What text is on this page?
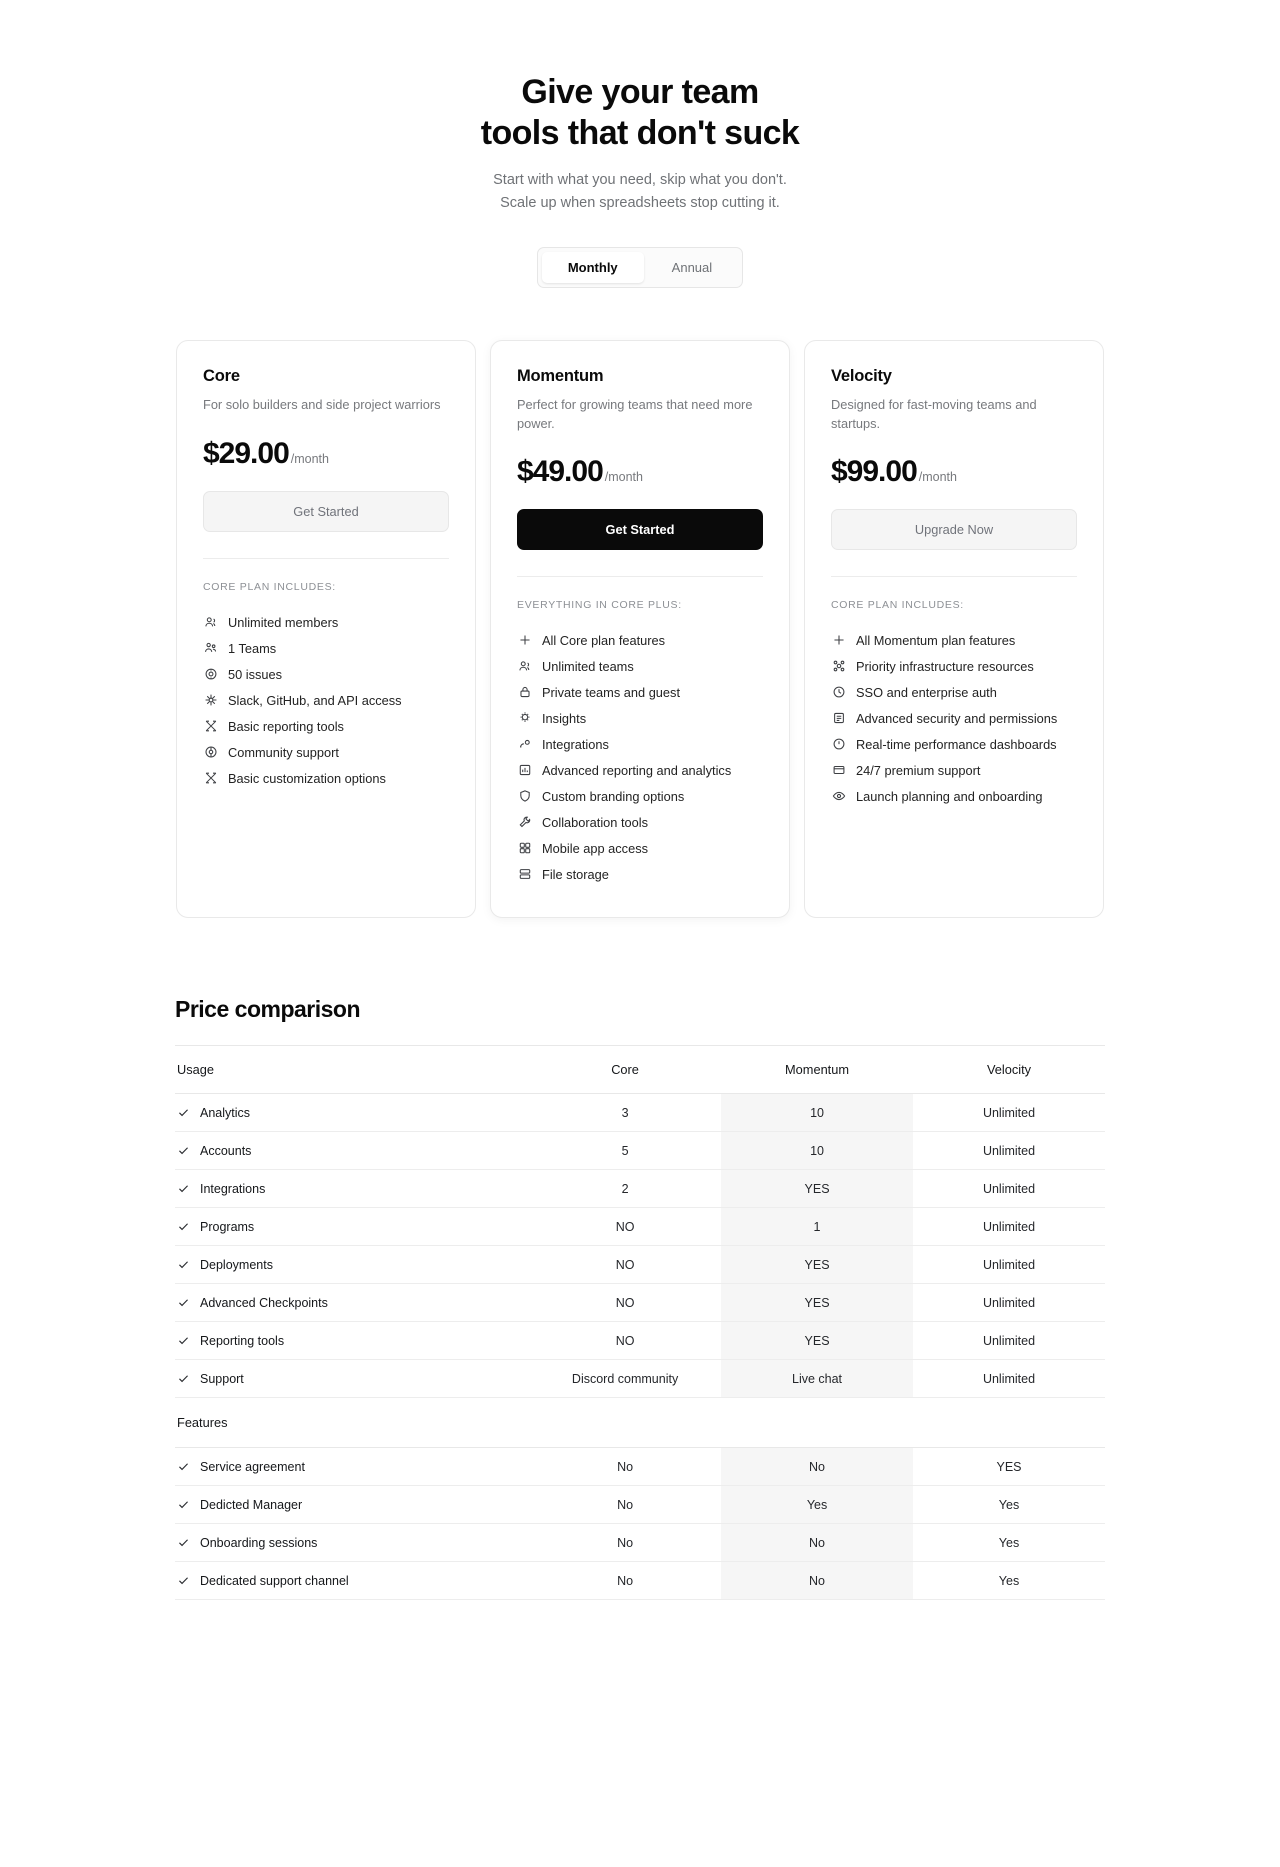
Give your team
tools that don't suck
Start with what you need, skip what you don't.
Scale up when spreadsheets stop cutting it.
Monthly	Annual
Core
For solo builders and side project warriors
$29.00 /month
Get Started
CORE PLAN INCLUDES:
Unlimited members
1 Teams
50 issues
Slack, GitHub, and API access
Basic reporting tools
Community support
Basic customization options
Momentum
Perfect for growing teams that need more power.
$49.00 /month
Get Started
EVERYTHING IN CORE PLUS:
All Core plan features
Unlimited teams
Private teams and guest
Insights
Integrations
Advanced reporting and analytics
Custom branding options
Collaboration tools
Mobile app access
File storage
Velocity
Designed for fast-moving teams and startups.
$99.00 /month
Upgrade Now
CORE PLAN INCLUDES:
All Momentum plan features
Priority infrastructure resources
SSO and enterprise auth
Advanced security and permissions
Real-time performance dashboards
24/7 premium support
Launch planning and onboarding
Price comparison
Usage	Core	Momentum	Velocity

Analytics	3	10	Unlimited

Accounts	5	10	Unlimited

Integrations	2	YES	Unlimited

Programs	NO	1	Unlimited

Deployments	NO	YES	Unlimited

Advanced Checkpoints	NO	YES	Unlimited

Reporting tools	NO	YES	Unlimited

Support	Discord community	Live chat	Unlimited
Features			

Service agreement	No	No	YES

Dedicted Manager	No	Yes	Yes

Onboarding sessions	No	No	Yes

Dedicated support channel	No	No	Yes
